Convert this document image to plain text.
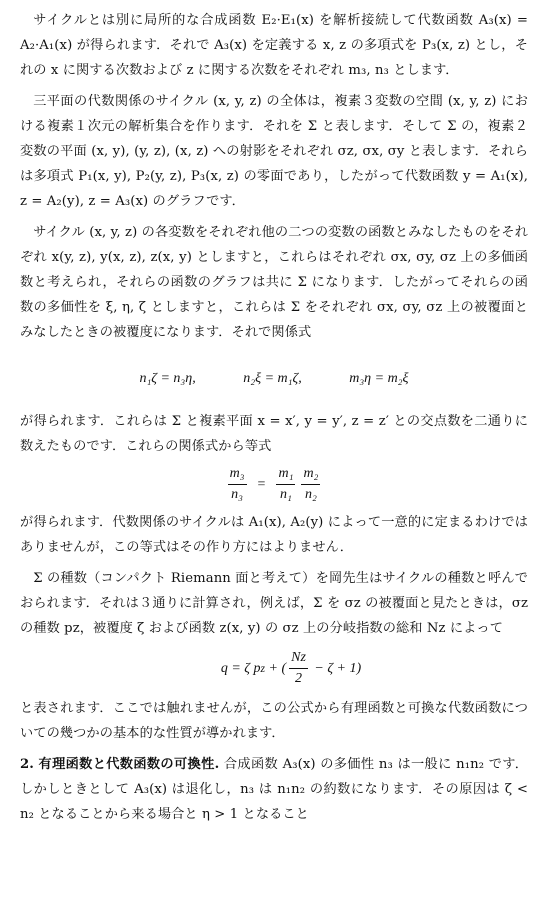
サイクルとは別に局所的な合成函数 E₂·E₁(x) を解析接続して代数函数 A₃(x) = A₂·A₁(x) が得られます．それで A₃(x) を定義する x, z の多項式を P₃(x, z) とし，それの x に関する次数および z に関する次数をそれぞれ m₃, n₃ とします．

三平面の代数関係のサイクル (x, y, z) の全体は，複素３変数の空間 (x, y, z) における複素１次元の解析集合を作ります．それを Σ と表します．そして Σ の，複素２変数の平面 (x, y), (y, z), (x, z) への射影をそれぞれ σz, σx, σy と表します．それらは多項式 P₁(x, y), P₂(y, z), P₃(x, z) の零面であり，したがって代数函数 y = A₁(x), z = A₂(y), z = A₃(x) のグラフです．

サイクル (x, y, z) の各変数をそれぞれ他の二つの変数の函数とみなしたものをそれぞれ x(y, z), y(x, z), z(x, y) としますと，これらはそれぞれ σx, σy, σz 上の多価函数と考えられ，それらの函数のグラフは共に Σ になります．したがってそれらの函数の多価性を ξ, η, ζ としますと，これらは Σ をそれぞれ σx, σy, σz 上の被覆面とみなしたときの被覆度になります．それで関係式

n₁ζ = n₃η,	n₂ξ = m₁ζ,	m₃η = m₂ξ

が得られます．これらは Σ と複素平面 x = x′, y = y′, z = z′ との交点数を二通りに数えたものです．これらの関係式から等式

$\frac{\text{m₃}}{\text{n₃}} = \frac{\text{m₁}}{\text{n₁}} \frac{\text{m₂}}{\text{n₂}}$

が得られます．代数関係のサイクルは A₁(x), A₂(y) によって一意的に定まるわけではありませんが，この等式はその作り方にはよりません．

Σ の種数（コンパクト Riemann 面と考えて）を岡先生はサイクルの種数と呼んでおられます．それは３通りに計算され，例えば，Σ を σz の被覆面と見たときは，σz の種数 pz，被覆度 ζ および函数 z(x, y) の σz 上の分岐指数の総和 Nz によって

q = ζ p z + ( $\frac{Nz}{2} - \zeta + 1$)

と表されます．ここでは触れませんが，この公式から有理函数と可換な代数函数についての幾つかの基本的な性質が導かれます．

2. 有理函数と代数函数の可換性. 合成函数 A₃(x) の多価性 n₃ は一般に n₁n₂ です．しかしときとして A₃(x) は退化し，n₃ は n₁n₂ の約数になります．その原因は ζ < n₂ となることから来る場合と η > 1 となること
